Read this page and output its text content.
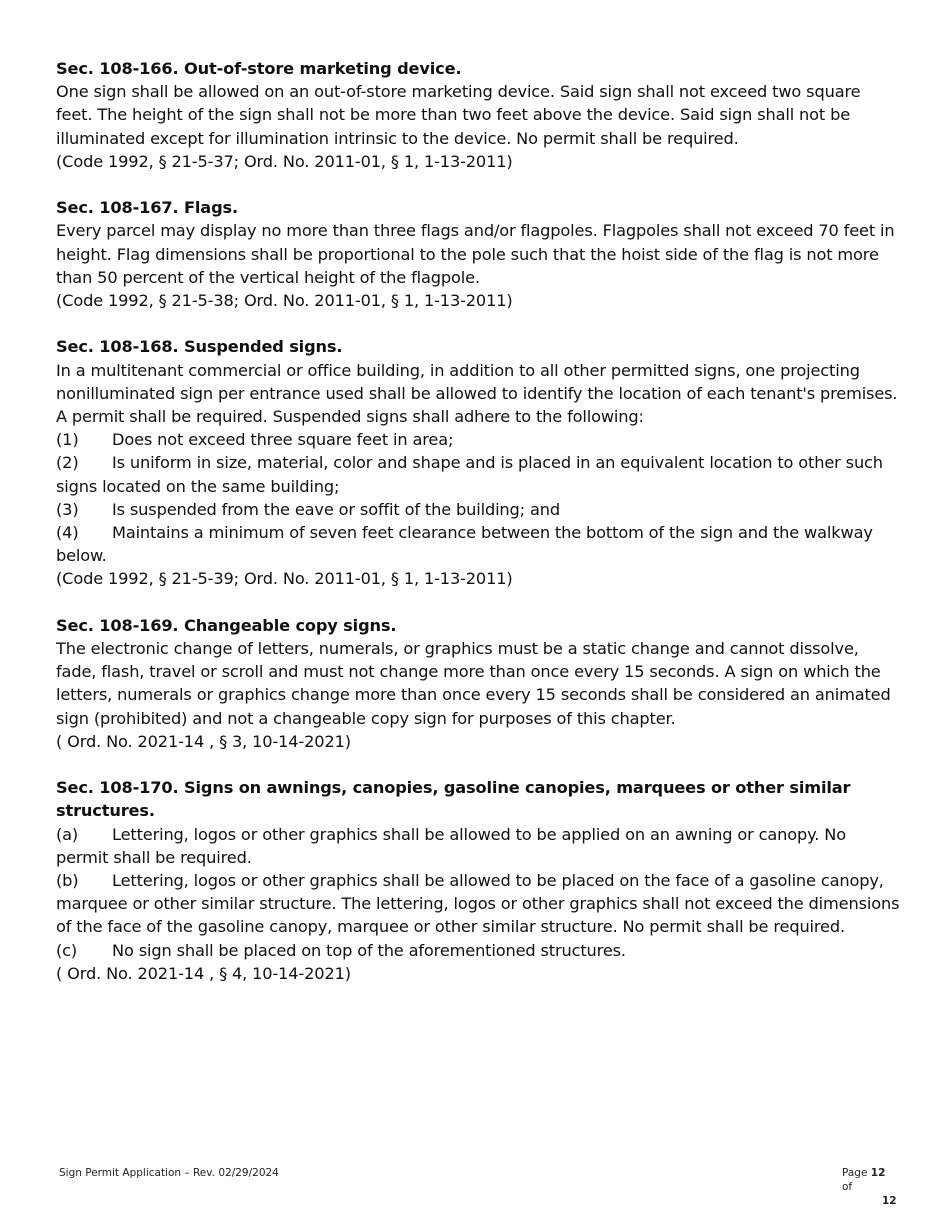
Sec. 108-166. Out-of-store marketing device.
One sign shall be allowed on an out-of-store marketing device. Said sign shall not exceed two square feet. The height of the sign shall not be more than two feet above the device. Said sign shall not be illuminated except for illumination intrinsic to the device. No permit shall be required.
(Code 1992, § 21-5-37; Ord. No. 2011-01, § 1, 1-13-2011)
Sec. 108-167. Flags.
Every parcel may display no more than three flags and/or flagpoles. Flagpoles shall not exceed 70 feet in height. Flag dimensions shall be proportional to the pole such that the hoist side of the flag is not more than 50 percent of the vertical height of the flagpole.
(Code 1992, § 21-5-38; Ord. No. 2011-01, § 1, 1-13-2011)
Sec. 108-168. Suspended signs.
In a multitenant commercial or office building, in addition to all other permitted signs, one projecting nonilluminated sign per entrance used shall be allowed to identify the location of each tenant's premises. A permit shall be required. Suspended signs shall adhere to the following:
(1) Does not exceed three square feet in area;
(2) Is uniform in size, material, color and shape and is placed in an equivalent location to other such signs located on the same building;
(3) Is suspended from the eave or soffit of the building; and
(4) Maintains a minimum of seven feet clearance between the bottom of the sign and the walkway below.
(Code 1992, § 21-5-39; Ord. No. 2011-01, § 1, 1-13-2011)
Sec. 108-169. Changeable copy signs.
The electronic change of letters, numerals, or graphics must be a static change and cannot dissolve, fade, flash, travel or scroll and must not change more than once every 15 seconds. A sign on which the letters, numerals or graphics change more than once every 15 seconds shall be considered an animated sign (prohibited) and not a changeable copy sign for purposes of this chapter.
( Ord. No. 2021-14 , § 3, 10-14-2021)
Sec. 108-170. Signs on awnings, canopies, gasoline canopies, marquees or other similar structures.
(a) Lettering, logos or other graphics shall be allowed to be applied on an awning or canopy. No permit shall be required.
(b) Lettering, logos or other graphics shall be allowed to be placed on the face of a gasoline canopy, marquee or other similar structure. The lettering, logos or other graphics shall not exceed the dimensions of the face of the gasoline canopy, marquee or other similar structure. No permit shall be required.
(c) No sign shall be placed on top of the aforementioned structures.
( Ord. No. 2021-14 , § 4, 10-14-2021)
Sign Permit Application – Rev. 02/29/2024	Page 12 of
12
